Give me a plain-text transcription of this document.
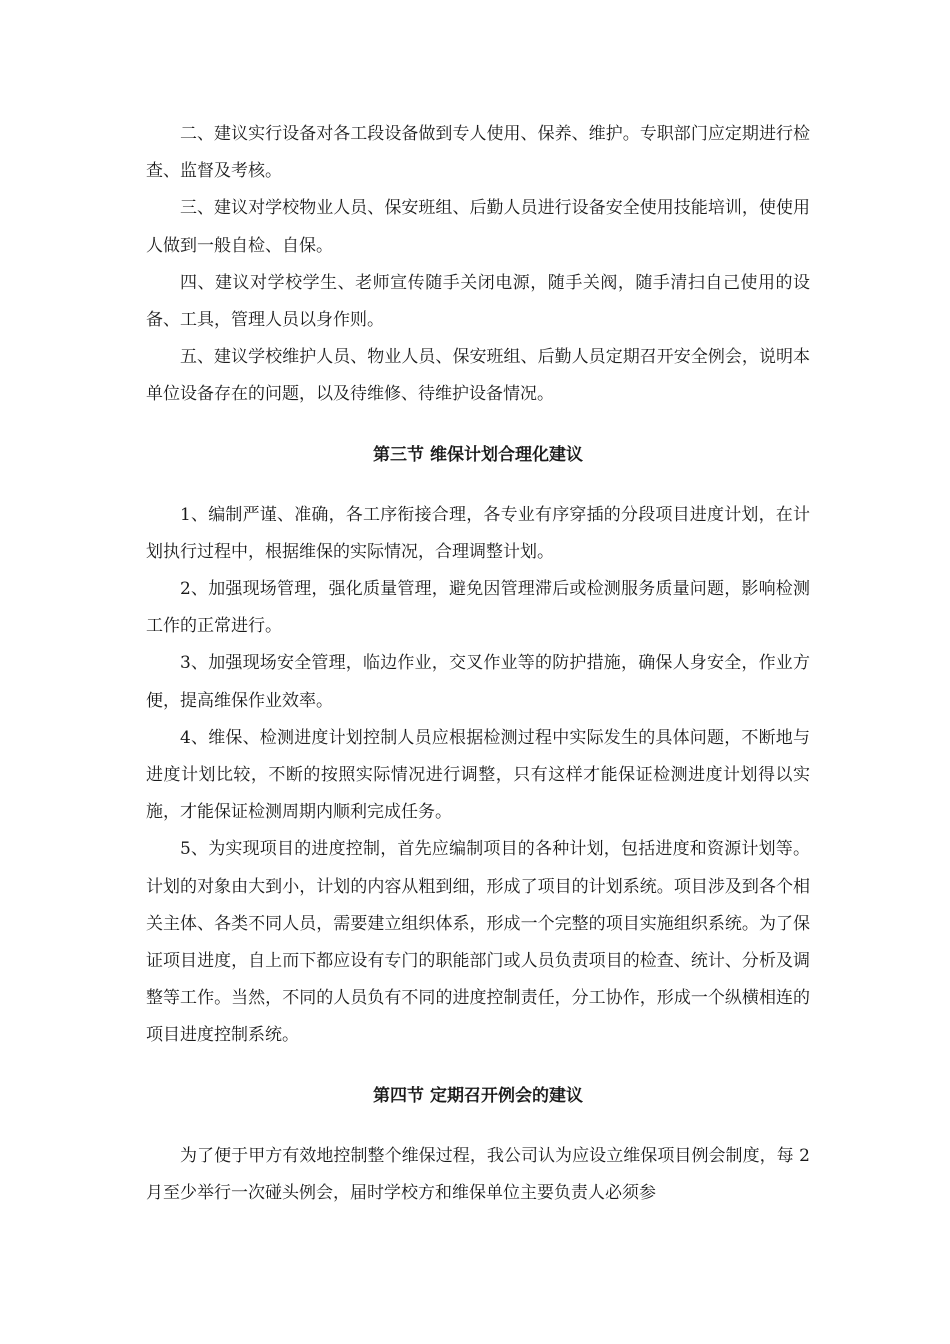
二、建议实行设备对各工段设备做到专人使用、保养、维护。专职部门应定期进行检查、监督及考核。

三、建议对学校物业人员、保安班组、后勤人员进行设备安全使用技能培训，使使用人做到一般自检、自保。

四、建议对学校学生、老师宣传随手关闭电源，随手关阀，随手清扫自己使用的设备、工具，管理人员以身作则。

五、建议学校维护人员、物业人员、保安班组、后勤人员定期召开安全例会，说明本单位设备存在的问题，以及待维修、待维护设备情况。

第三节 维保计划合理化建议

1、编制严谨、准确，各工序衔接合理，各专业有序穿插的分段项目进度计划，在计划执行过程中，根据维保的实际情况，合理调整计划。

2、加强现场管理，强化质量管理，避免因管理滞后或检测服务质量问题，影响检测工作的正常进行。

3、加强现场安全管理，临边作业，交叉作业等的防护措施，确保人身安全，作业方便，提高维保作业效率。

4、维保、检测进度计划控制人员应根据检测过程中实际发生的具体问题，不断地与进度计划比较，不断的按照实际情况进行调整，只有这样才能保证检测进度计划得以实施，才能保证检测周期内顺利完成任务。

5、为实现项目的进度控制，首先应编制项目的各种计划，包括进度和资源计划等。计划的对象由大到小，计划的内容从粗到细，形成了项目的计划系统。项目涉及到各个相关主体、各类不同人员，需要建立组织体系，形成一个完整的项目实施组织系统。为了保证项目进度，自上而下都应设有专门的职能部门或人员负责项目的检查、统计、分析及调整等工作。当然，不同的人员负有不同的进度控制责任，分工协作，形成一个纵横相连的项目进度控制系统。

第四节 定期召开例会的建议

为了便于甲方有效地控制整个维保过程，我公司认为应设立维保项目例会制度，每 2 月至少举行一次碰头例会，届时学校方和维保单位主要负责人必须参
